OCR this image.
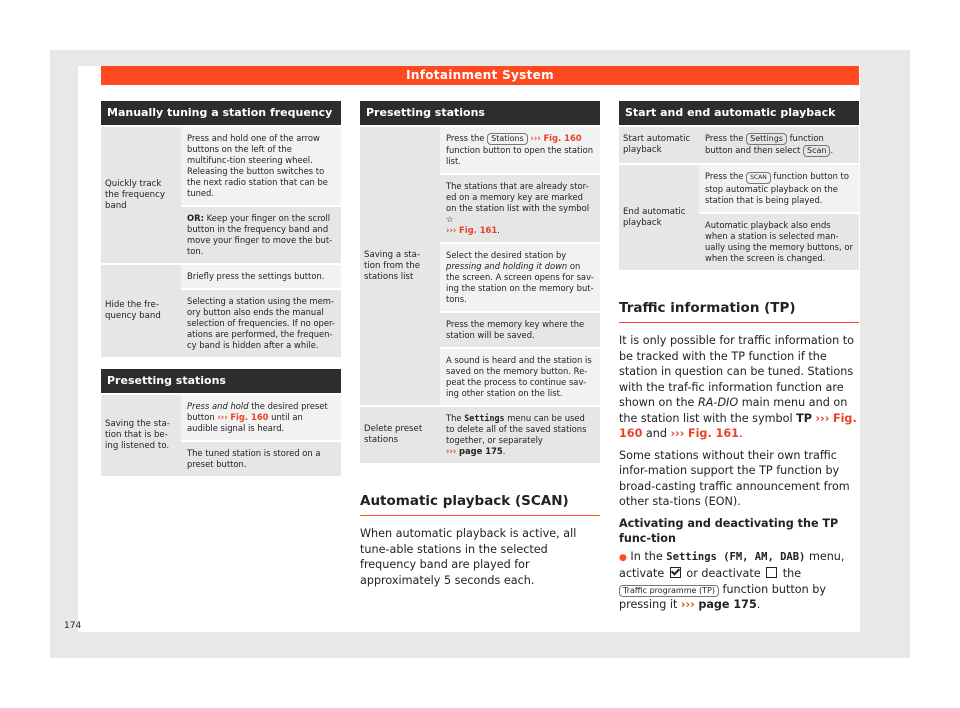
Infotainment System
Manually tuning a station frequency
Quickly track the frequency band
Press and hold one of the arrow buttons on the left of the multifunc-tion steering wheel. Releasing the button switches to the next radio station that can be tuned.
OR: Keep your finger on the scroll button in the frequency band and move your finger to move the but-ton.
Hide the fre-quency band
Briefly press the settings button.
Selecting a station using the mem-ory button also ends the manual selection of frequencies. If no oper-ations are performed, the frequen-cy band is hidden after a while.
Presetting stations
Saving the sta-tion that is be-ing listened to.
Press and hold the desired preset button ››› Fig. 160 until an audible signal is heard.
The tuned station is stored on a preset button.
Presetting stations
Saving a sta-tion from the stations list
Press the Stations ››› Fig. 160 function button to open the station list.
The stations that are already stor-ed on a memory key are marked on the station list with the symbol ☆
››› Fig. 161.
Select the desired station by pressing and holding it down on the screen. A screen opens for sav-ing the station on the memory but-tons.
Press the memory key where the station will be saved.
A sound is heard and the station is saved on the memory button. Re-peat the process to continue sav-ing other station on the list.
Delete preset stations
The Settings menu can be used to delete all of the saved stations together, or separately
››› page 175.
Automatic playback (SCAN)
When automatic playback is active, all tune-able stations in the selected frequency band are played for approximately 5 seconds each.
Start and end automatic playback
Start automatic playback
Press the Settings function button and then select Scan .
End automatic playback
Press the SCAN function button to stop automatic playback on the station that is being played.
Automatic playback also ends when a station is selected man-ually using the memory buttons, or when the screen is changed.
Traffic information (TP)
It is only possible for traffic information to be tracked with the TP function if the station in question can be tuned. Stations with the traf-fic information function are shown on the RA-DIO main menu and on the station list with the symbol TP ››› Fig. 160 and ››› Fig. 161.
Some stations without their own traffic infor-mation support the TP function by broad-casting traffic announcement from other sta-tions (EON).
Activating and deactivating the TP func-tion
● In the Settings (FM, AM, DAB) menu, activate or deactivate the Traffic programme (TP) function button by pressing it ››› page 175.
174
